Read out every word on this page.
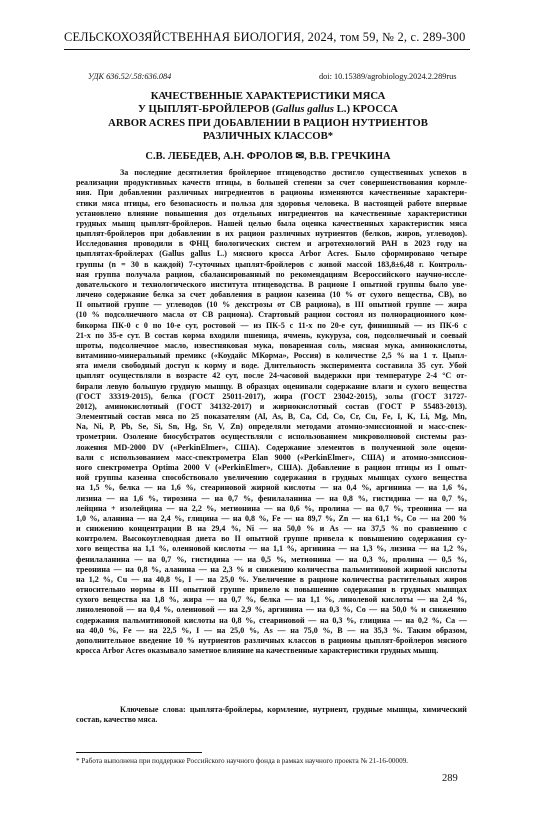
СЕЛЬСКОХОЗЯЙСТВЕННАЯ БИОЛОГИЯ, 2024, том 59, № 2, с. 289-300
УДК 636.52/.58:636.084	doi: 10.15389/agrobiology.2024.2.289rus
КАЧЕСТВЕННЫЕ ХАРАКТЕРИСТИКИ МЯСА
У ЦЫПЛЯТ-БРОЙЛЕРОВ (Gallus gallus L.) КРОССА
ARBOR ACRES ПРИ ДОБАВЛЕНИИ В РАЦИОН НУТРИЕНТОВ
РАЗЛИЧНЫХ КЛАССОВ*
С.В. ЛЕБЕДЕВ, А.Н. ФРОЛОВ ✉, В.В. ГРЕЧКИНА
За последние десятилетия бройлерное птицеводство достигло существенных успехов в
реализации продуктивных качеств птицы, в большей степени за счет совершенствования кормле-
ния. При добавлении различных ингредиентов в рационы изменяются качественные характери-
стики мяса птицы, его безопасность и польза для здоровья человека. В настоящей работе впервые
установлено влияние повышения доз отдельных ингредиентов на качественные характеристики
грудных мышц цыплят-бройлеров. Нашей целью была оценка качественных характеристик мяса
цыплят-бройлеров при добавлении в их рацион различных нутриентов (белков, жиров, углеводов).
Исследования проводили в ФНЦ биологических систем и агротехнологий РАН в 2023 году на
цыплятах-бройлерах (Gallus gallus L.) мясного кросса Arbor Acres. Было сформировано четыре
группы (n = 30 в каждой) 7-суточных цыплят-бройлеров с живой массой 183,8±6,48 г. Контроль-
ная группа получала рацион, сбалансированный по рекомендациям Всероссийского научно-иссле-
довательского и технологического института птицеводства. В рационе I опытной группы было уве-
личено содержание белка за счет добавления в рацион казеина (10 % от сухого вещества, СВ), во
II опытной группе — углеводов (10 % декстрозы от СВ рациона), в III опытной группе — жира
(10 % подсолнечного масла от СВ рациона). Стартовый рацион состоял из полнорационного ком-
бикорма ПК-0 с 0 по 10-е сут, ростовой — из ПК-5 с 11-х по 20-е сут, финишный — из ПК-6 с
21-х по 35-е сут. В состав корма входили пшеница, ячмень, кукуруза, соя, подсолнечный и соевый
шроты, подсолнечное масло, известняковая мука, поваренная соль, мясная мука, аминокислоты,
витаминно-минеральный премикс («Коудайс МКорма», Россия) в количестве 2,5 % на 1 т. Цыпл-
ята имели свободный доступ к корму и воде. Длительность эксперимента составила 35 сут. Убой
цыплят осуществляли в возрасте 42 сут, после 24-часовой выдержки при температуре 2-4 °C от-
бирали левую большую грудную мышцу. В образцах оценивали содержание влаги и сухого вещества
(ГОСТ 33319-2015), белка (ГОСТ 25011-2017), жира (ГОСТ 23042-2015), золы (ГОСТ 31727-
2012), аминокислотный (ГОСТ 34132-2017) и жирнокислотный состав (ГОСТ Р 55483-2013).
Элементный состав мяса по 25 показателям (Al, As, B, Ca, Cd, Co, Cr, Cu, Fe, I, K, Li, Mg, Mn,
Na, Ni, P, Pb, Se, Si, Sn, Hg, Sr, V, Zn) определяли методами атомно-эмиссионной и масс-спек-
трометрии. Озоление биосубстратов осуществляли с использованием микроволновой системы раз-
ложения MD-2000 DV («PerkinElmer», США). Содержание элементов в полученной золе оцени-
вали с использованием масс-спектрометра Elan 9000 («PerkinElmer», США) и атомно-эмиссион-
ного спектрометра Optima 2000 V («PerkinElmer», США). Добавление в рацион птицы из I опыт-
ной группы казеина способствовало увеличению содержания в грудных мышцах сухого вещества
на 1,5 %, белка — на 1,6 %, стеариновой жирной кислоты — на 0,4 %, аргинина — на 1,6 %,
лизина — на 1,6 %, тирозина — на 0,7 %, фенилаланина — на 0,8 %, гистидина — на 0,7 %,
лейцина + изолейцина — на 2,2 %, метионина — на 0,6 %, пролина — на 0,7 %, треонина — на
1,0 %, аланина — на 2,4 %, глицина — на 0,8 %, Fe — на 89,7 %, Zn — на 61,1 %, Co — на 200 %
и снижению концентрации B на 29,4 %, Ni — на 50,0 % и As — на 37,5 % по сравнению с
контролем. Высокоуглеводная диета во II опытной группе привела к повышению содержания су-
хого вещества на 1,1 %, олеиновой кислоты — на 1,1 %, аргинина — на 1,3 %, лизина — на 1,2 %,
фенилаланина — на 0,7 %, гистидина — на 0,5 %, метионина — на 0,3 %, пролина — 0,5 %,
треонина — на 0,8 %, аланина — на 2,3 % и снижению количества пальмитиновой жирной кислоты
на 1,2 %, Cu — на 40,8 %, I — на 25,0 %. Увеличение в рационе количества растительных жиров
относительно нормы в III опытной группе привело к повышению содержания в грудных мышцах
сухого вещества на 1,8 %, жира — на 0,7 %, белка — на 1,1 %, линолевой кислоты — на 2,4 %,
линоленовой — на 0,4 %, олеиновой — на 2,9 %, аргинина — на 0,3 %, Co — на 50,0 % и снижению
содержания пальмитиновой кислоты на 0,8 %, стеариновой — на 0,3 %, глицина — на 0,2 %, Ca —
на 40,0 %, Fe — на 22,5 %, I — на 25,0 %, As — на 75,0 %, B — на 35,3 %. Таким образом,
дополнительное введение 10 % нутриентов различных классов в рационы цыплят-бройлеров мясного
кросса Arbor Acres оказывало заметное влияние на качественные характеристики грудных мышц.
Ключевые слова: цыплята-бройлеры, кормление, нутриент, грудные мышцы, химический
состав, качество мяса.
* Работа выполнена при поддержке Российского научного фонда в рамках научного проекта № 21-16-00009.
289
